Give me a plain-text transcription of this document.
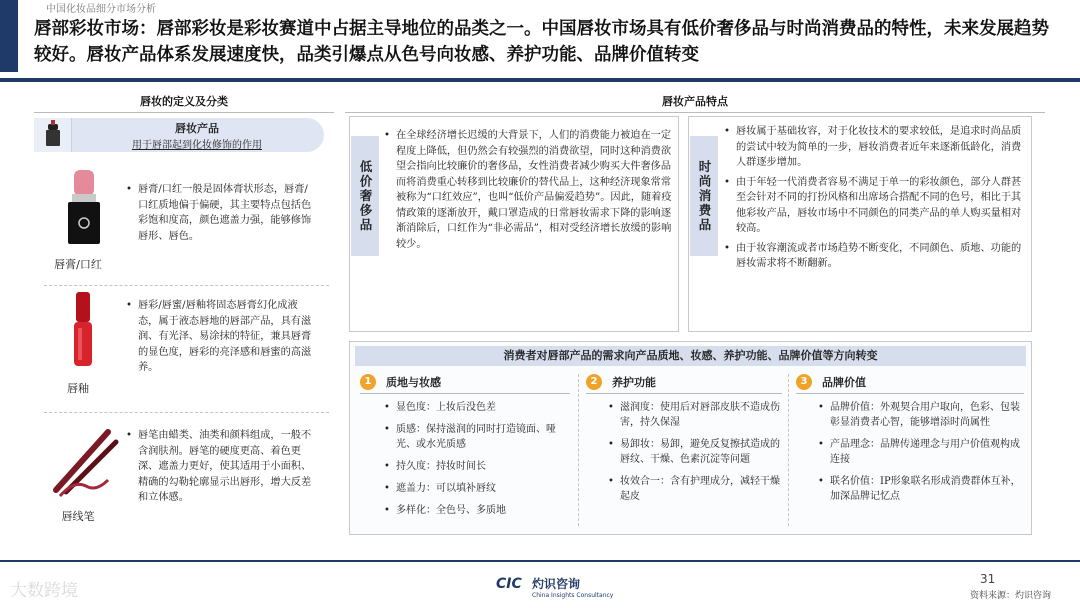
中国化妆品细分市场分析
唇部彩妆市场：唇部彩妆是彩妆赛道中占据主导地位的品类之一。中国唇妆市场具有低价奢侈品与时尚消费品的特性，未来发展趋势较好。唇妆产品体系发展速度快，品类引爆点从色号向妆感、养护功能、品牌价值转变
唇妆的定义及分类
唇妆产品
用于唇部起到化妆修饰的作用
唇膏/口红
• 唇膏/口红一般是固体膏状形态，唇膏/口红质地偏于偏硬，其主要特点包括色彩饱和度高，颜色遮盖力强，能够修饰唇形、唇色。
唇釉
• 唇彩/唇蜜/唇釉将固态唇膏幻化成液态，属于液态唇地的唇部产品，具有滋润、有光泽、易涂抹的特征，兼具唇膏的显色度，唇彩的亮泽感和唇蜜的高滋养。
唇线笔
• 唇笔由蜡类、油类和颜料组成，一般不含润肤剂。唇笔的硬度更高、着色更深、遮盖力更好，使其适用于小面积、精确的勾勒轮廓显示出唇形，增大反差和立体感。
唇妆产品特点
低价奢侈品
• 在全球经济增长迟缓的大背景下，人们的消费能力被迫在一定程度上降低，但仍然会有较强烈的消费欲望，同时这种消费欲望会指向比较廉价的奢侈品，女性消费者减少购买大件奢侈品而将消费重心转移到比较廉价的替代品上，这种经济现象常常被称为“口红效应”，也叫“低价产品偏爱趋势”。因此，随着疫情政策的逐渐放开，戴口罩造成的日常唇妆需求下降的影响逐渐消除后，口红作为“非必需品”，相对受经济增长放缓的影响较少。
时尚消费品
• 唇妆属于基础妆容，对于化妆技术的要求较低，是追求时尚品质的尝试中较为简单的一步，唇妆消费者近年来逐渐低龄化，消费人群逐步增加。
• 由于年轻一代消费者容易不满足于单一的彩妆颜色，部分人群甚至会针对不同的打扮风格和出席场合搭配不同的色号，相比于其他彩妆产品，唇妆市场中不同颜色的同类产品的单人购买量相对较高。
• 由于妆容潮流或者市场趋势不断变化，不同颜色、质地、功能的唇妆需求将不断翻新。
消费者对唇部产品的需求向产品质地、妆感、养护功能、品牌价值等方向转变
1	质地与妆感
• 显色度：上妆后没色差
• 质感：保持滋润的同时打造镜面、哑光、或水光质感
• 持久度：持妆时间长
• 遮盖力：可以填补唇纹
• 多样化：全色号、多质地
2	养护功能
• 滋润度：使用后对唇部皮肤不造成伤害，持久保湿
• 易卸妆：易卸，避免反复擦拭造成的唇纹、干燥、色素沉淀等问题
• 妆效合一：含有护理成分，减轻干燥起皮
3	品牌价值
• 品牌价值：外观契合用户取向，色彩、包装彰显消费者心智，能够增添时尚属性
• 产品理念：品牌传递理念与用户价值观构成连接
• 联名价值：IP形象联名形成消费群体互补，加深品牌记忆点
大数跨境	CIC 灼识咨询
China Insights Consultancy
31
资料来源：灼识咨询
